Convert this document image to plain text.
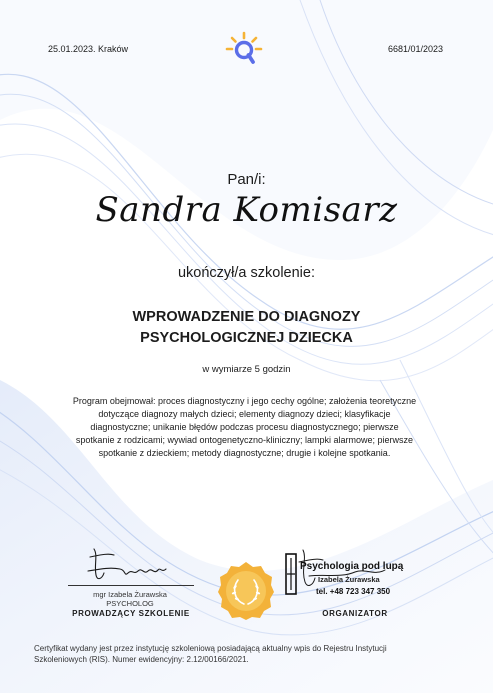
25.01.2023. Kraków	6681/01/2023
Pan/i:
Sandra Komisarz
ukończył/a szkolenie:
WPROWADZENIE DO DIAGNOZY
PSYCHOLOGICZNEJ DZIECKA
w wymiarze 5 godzin
Program obejmował: proces diagnostyczny i jego cechy ogólne; założenia teoretyczne
dotyczące diagnozy małych dzieci; elementy diagnozy dzieci; klasyfikacje
diagnostyczne; unikanie błędów podczas procesu diagnostycznego; pierwsze
spotkanie z rodzicami; wywiad ontogenetyczno-kliniczny; lampki alarmowe; pierwsze
spotkanie z dzieckiem; metody diagnostyczne; drugie i kolejne spotkania.
mgr Izabela Żurawska
PSYCHOLOG
PROWADZĄCY SZKOLENIE
Psychologia pod lupą
Izabela Żurawska
tel. +48 723 347 350
ORGANIZATOR
Certyfikat wydany jest przez instytucję szkoleniową posiadającą aktualny wpis do Rejestru Instytucji
Szkoleniowych (RIS). Numer ewidencyjny: 2.12/00166/2021.
